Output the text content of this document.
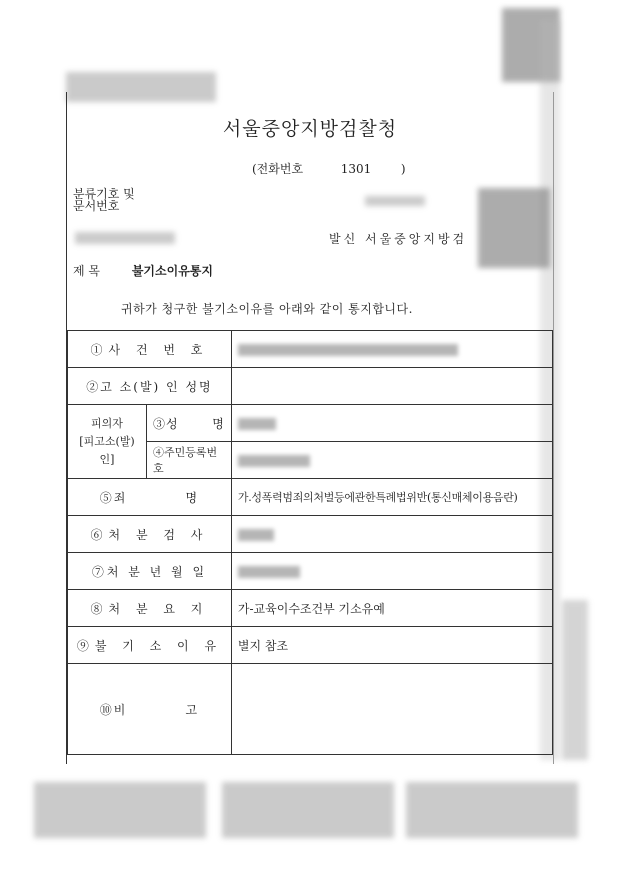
서울중앙지방검찰청
(전화번호	1301 )
분류기호 및
문서번호
발신 서울중앙지방검
제 목	불기소이유통지
귀하가 청구한 불기소이유를 아래와 같이 통지합니다.
①사 건 번 호		
②고 소(발) 인 성명		

피의자
[피고소(발)인]	③성       명	
	④주민등록번호	
⑤죄          명		가.성폭력범죄의처벌등에관한특례법위반(통신매체이용음란)
⑥처 분 검 사		
⑦처 분 년 월 일		
⑧처 분 요 지		가-교육이수조건부 기소유예
⑨불 기 소 이 유		별지 참조
⑩비          고		
